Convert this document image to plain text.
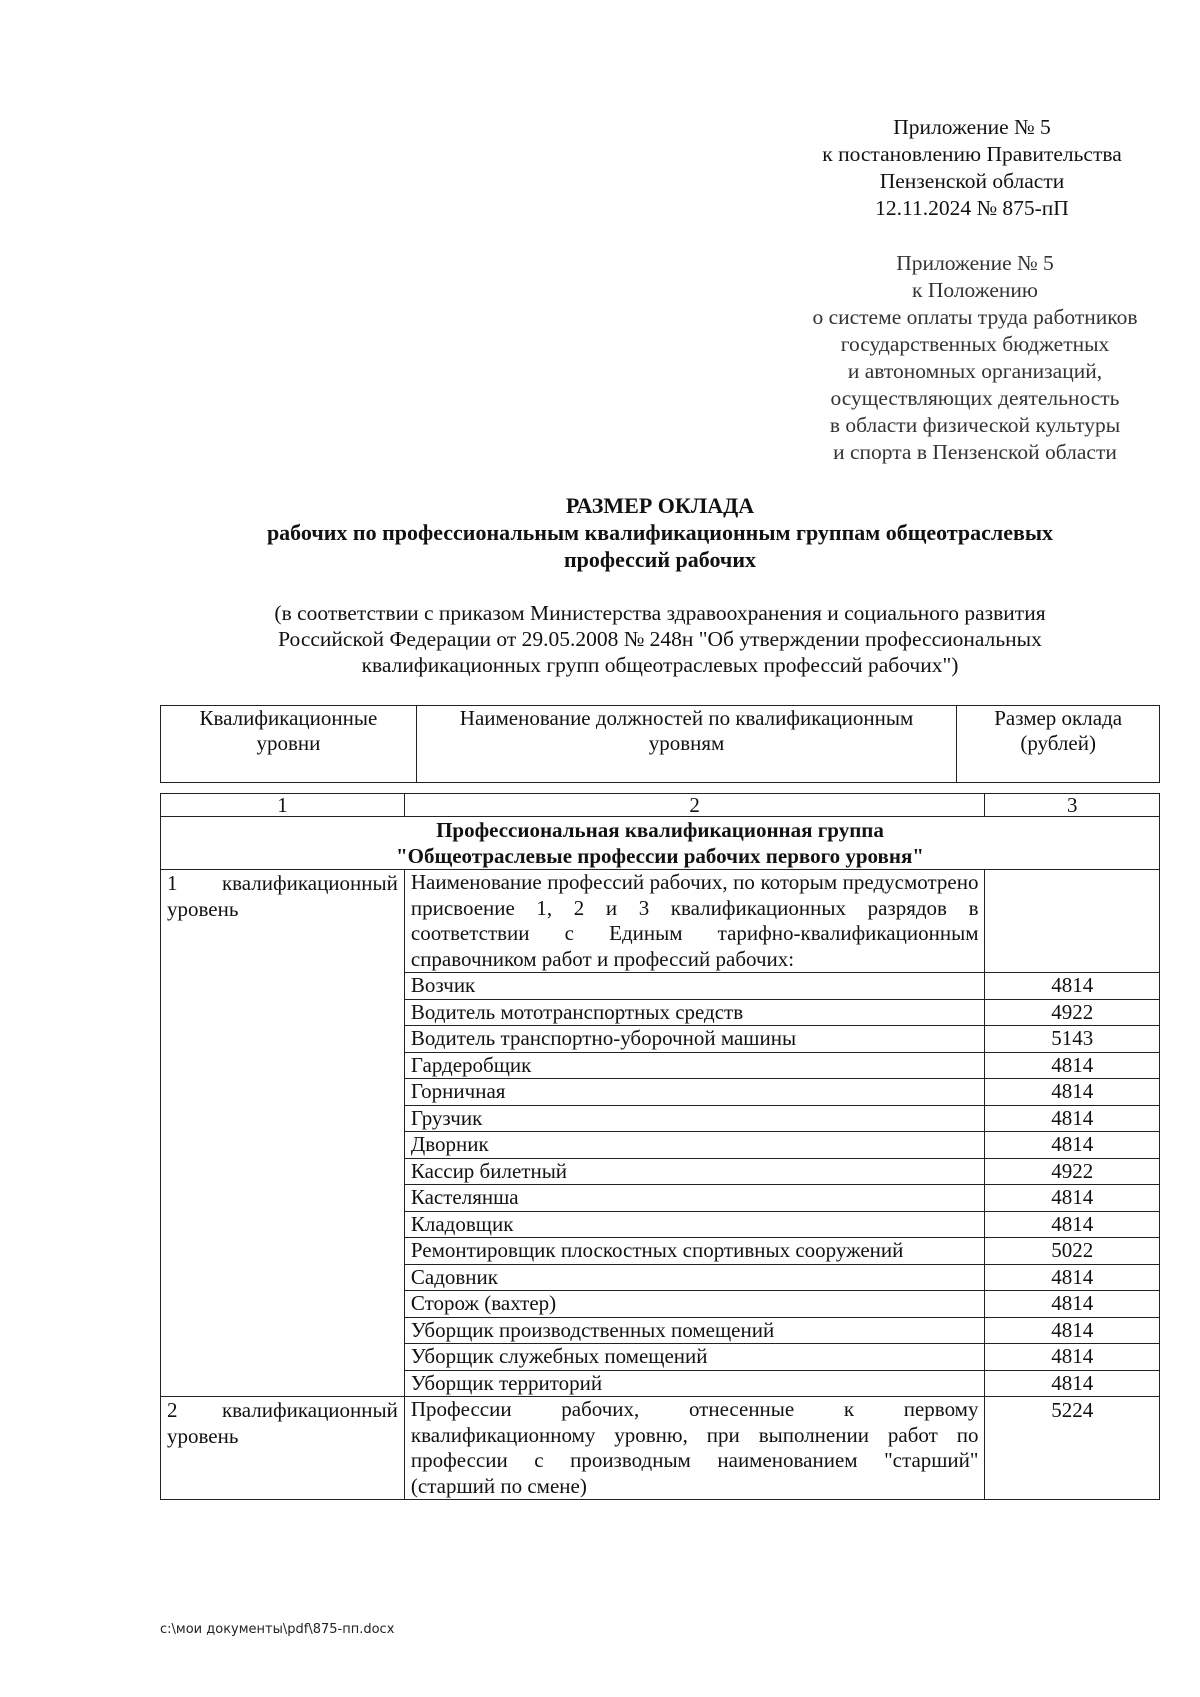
Приложение № 5
к постановлению Правительства
Пензенской области
12.11.2024 № 875-пП
Приложение № 5
к Положению
о системе оплаты труда работников
государственных бюджетных
и автономных организаций,
осуществляющих деятельность
в области физической культуры
и спорта в Пензенской области
РАЗМЕР ОКЛАДА
рабочих по профессиональным квалификационным группам общеотраслевых
профессий рабочих
(в соответствии с приказом Министерства здравоохранения и социального развития
Российской Федерации от 29.05.2008 № 248н "Об утверждении профессиональных
квалификационных групп общеотраслевых профессий рабочих")
Квалификационные уровни	Наименование должностей по квалификационным уровням	Размер оклада (рублей)
1	2	3

Профессиональная квалификационная группа
"Общеотраслевые профессии рабочих первого уровня"		

1 квалификационный уровень	Наименование профессий рабочих, по которым предусмотрено присвоение 1, 2 и 3 квалификационных разрядов в соответствии с Единым тарифно-квалификационным справочником работ и профессий рабочих:	
	Возчик	4814
	Водитель мототранспортных средств	4922
	Водитель транспортно-уборочной машины	5143
	Гардеробщик	4814
	Горничная	4814
	Грузчик	4814
	Дворник	4814
	Кассир билетный	4922
	Кастелянша	4814
	Кладовщик	4814
	Ремонтировщик плоскостных спортивных сооружений	5022
	Садовник	4814
	Сторож (вахтер)	4814
	Уборщик производственных помещений	4814
	Уборщик служебных помещений	4814
	Уборщик территорий	4814
2 квалификационный уровень	Профессии рабочих, отнесенные к первому квалификационному уровню, при выполнении работ по профессии с производным наименованием "старший" (старший по смене)	5224
c:\мои документы\pdf\875-пп.docx
